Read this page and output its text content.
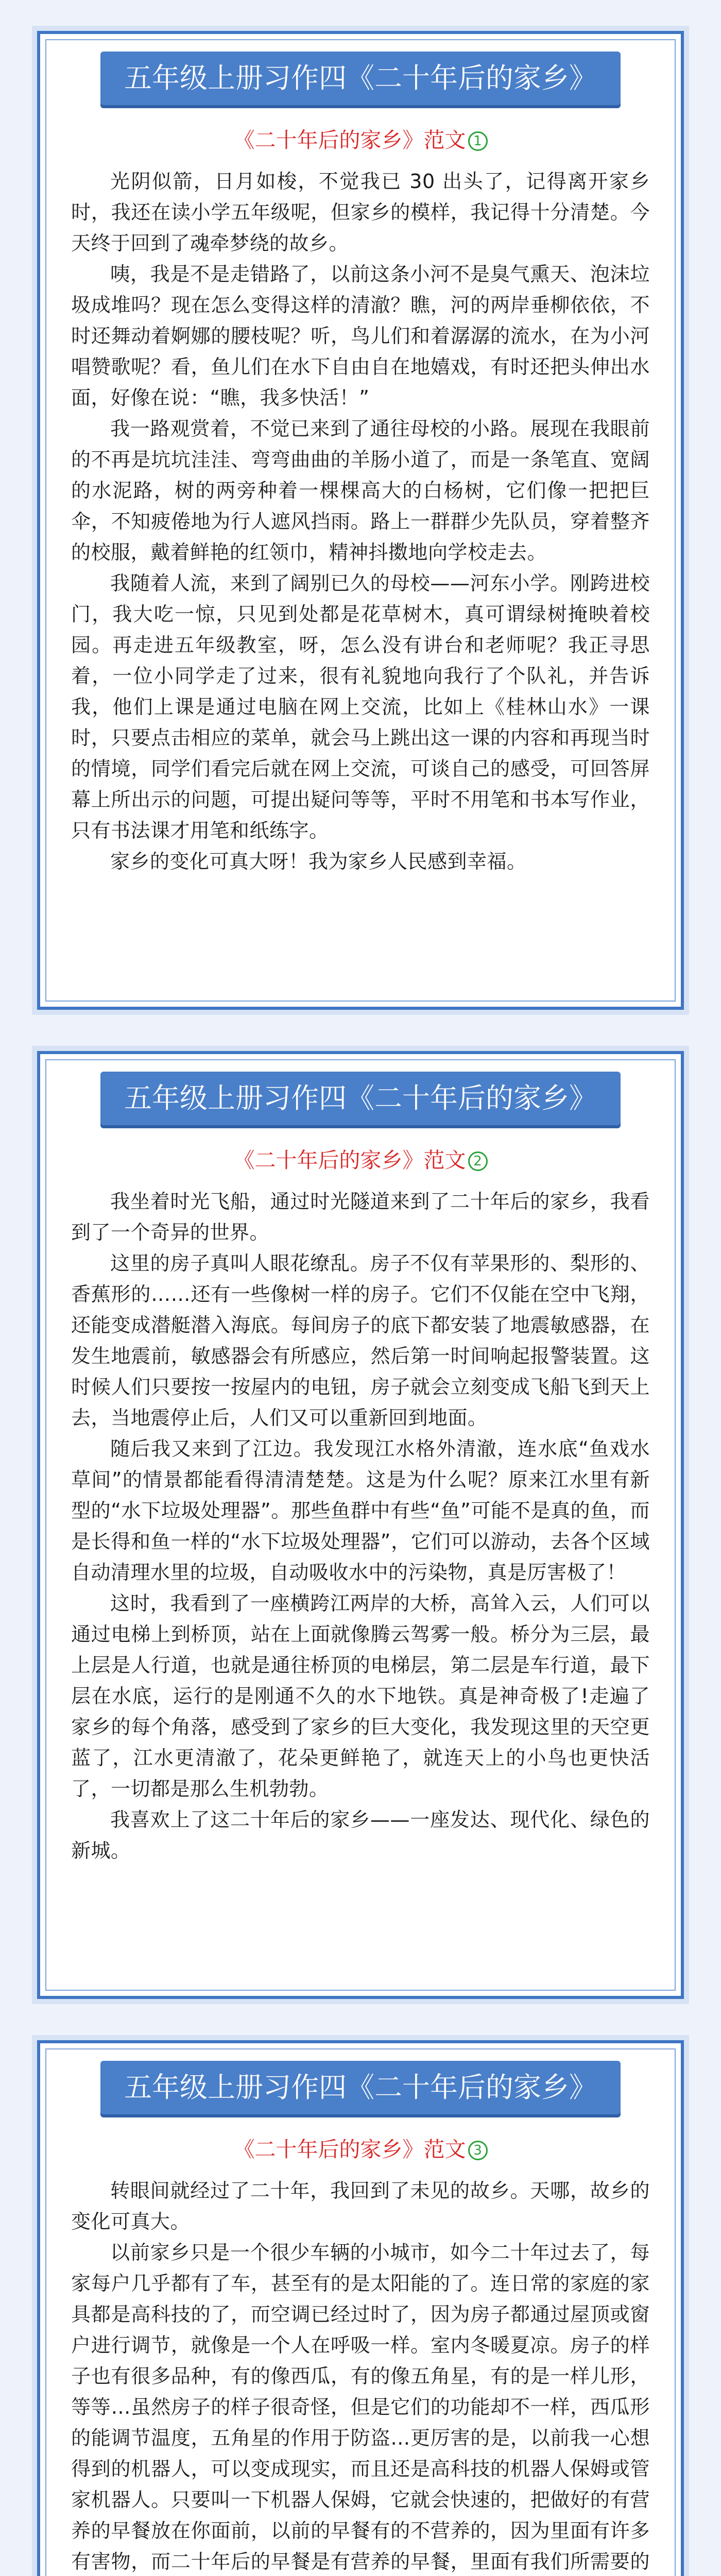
五年级上册习作四《二十年后的家乡》
《二十年后的家乡》范文 1

光阴似箭，日月如梭，不觉我已 30 出头了，记得离开家乡时，我还在读小学五年级呢，但家乡的模样，我记得十分清楚。今天终于回到了魂牵梦绕的故乡。

咦，我是不是走错路了，以前这条小河不是臭气熏天、泡沫垃圾成堆吗？现在怎么变得这样的清澈？瞧，河的两岸垂柳依依，不时还舞动着婀娜的腰枝呢？听，鸟儿们和着潺潺的流水，在为小河唱赞歌呢？看，鱼儿们在水下自由自在地嬉戏，有时还把头伸出水面，好像在说：“瞧，我多快活！”

我一路观赏着，不觉已来到了通往母校的小路。展现在我眼前的不再是坑坑洼洼、弯弯曲曲的羊肠小道了，而是一条笔直、宽阔的水泥路，树的两旁种着一棵棵高大的白杨树，它们像一把把巨伞，不知疲倦地为行人遮风挡雨。路上一群群少先队员，穿着整齐的校服，戴着鲜艳的红领巾，精神抖擞地向学校走去。

我随着人流，来到了阔别已久的母校——河东小学。刚跨进校门，我大吃一惊，只见到处都是花草树木，真可谓绿树掩映着校园。再走进五年级教室，呀，怎么没有讲台和老师呢？我正寻思着，一位小同学走了过来，很有礼貌地向我行了个队礼，并告诉我，他们上课是通过电脑在网上交流，比如上《桂林山水》一课时，只要点击相应的菜单，就会马上跳出这一课的内容和再现当时的情境，同学们看完后就在网上交流，可谈自己的感受，可回答屏幕上所出示的问题，可提出疑问等等，平时不用笔和书本写作业，只有书法课才用笔和纸练字。

家乡的变化可真大呀！我为家乡人民感到幸福。

五年级上册习作四《二十年后的家乡》
《二十年后的家乡》范文 2

我坐着时光飞船，通过时光隧道来到了二十年后的家乡，我看到了一个奇异的世界。

这里的房子真叫人眼花缭乱。房子不仅有苹果形的、梨形的、香蕉形的……还有一些像树一样的房子。它们不仅能在空中飞翔，还能变成潜艇潜入海底。每间房子的底下都安装了地震敏感器，在发生地震前，敏感器会有所感应，然后第一时间响起报警装置。这时候人们只要按一按屋内的电钮，房子就会立刻变成飞船飞到天上去，当地震停止后，人们又可以重新回到地面。

随后我又来到了江边。我发现江水格外清澈，连水底“鱼戏水草间”的情景都能看得清清楚楚。这是为什么呢？原来江水里有新型的“水下垃圾处理器”。那些鱼群中有些“鱼”可能不是真的鱼，而是长得和鱼一样的“水下垃圾处理器”，它们可以游动，去各个区域自动清理水里的垃圾，自动吸收水中的污染物，真是厉害极了！

这时，我看到了一座横跨江两岸的大桥，高耸入云，人们可以通过电梯上到桥顶，站在上面就像腾云驾雾一般。桥分为三层，最上层是人行道，也就是通往桥顶的电梯层，第二层是车行道，最下层在水底，运行的是刚通不久的水下地铁。真是神奇极了!走遍了家乡的每个角落，感受到了家乡的巨大变化，我发现这里的天空更蓝了，江水更清澈了，花朵更鲜艳了，就连天上的小鸟也更快活了，一切都是那么生机勃勃。

我喜欢上了这二十年后的家乡——一座发达、现代化、绿色的新城。

五年级上册习作四《二十年后的家乡》
《二十年后的家乡》范文 3

转眼间就经过了二十年，我回到了未见的故乡。天哪，故乡的变化可真大。

以前家乡只是一个很少车辆的小城市，如今二十年过去了，每家每户几乎都有了车，甚至有的是太阳能的了。连日常的家庭的家具都是高科技的了，而空调已经过时了，因为房子都通过屋顶或窗户进行调节，就像是一个人在呼吸一样。室内冬暖夏凉。房子的样子也有很多品种，有的像西瓜，有的像五角星，有的是一样儿形，等等…虽然房子的样子很奇怪，但是它们的功能却不一样，西瓜形的能调节温度，五角星的作用于防盗…更厉害的是，以前我一心想得到的机器人，可以变成现实，而且还是高科技的机器人保姆或管家机器人。只要叫一下机器人保姆，它就会快速的，把做好的有营养的早餐放在你面前，以前的早餐有的不营养的，因为里面有许多有害物，而二十年后的早餐是有营养的早餐，里面有我们所需要的
